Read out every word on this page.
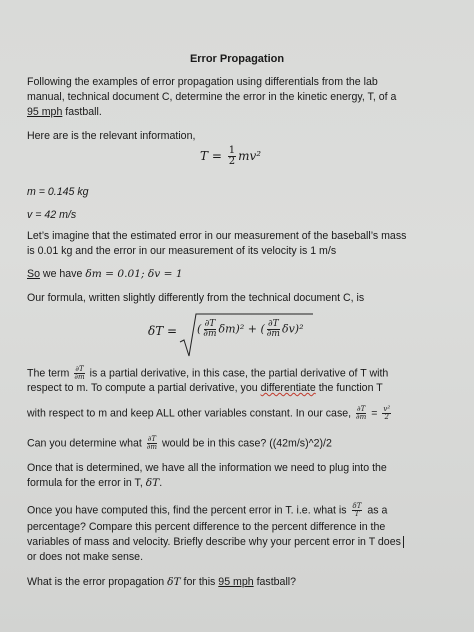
Error Propagation
Following the examples of error propagation using differentials from the lab
manual, technical document C, determine the error in the kinetic energy, T, of a
95 mph fastball.
Here are is the relevant information,
$T = \frac{1}{2} mv^2$
m = 0.145 kg
v = 42 m/s
Let’s imagine that the estimated error in our measurement of the baseball’s mass
is 0.01 kg and the error in our measurement of its velocity is 1 m/s
So we have δm = 0.01; δv = 1
Our formula, written slightly differently from the technical document C, is
δT = ( $\frac{\partial T}{\partial m} \delta m)^2$ + ( $\frac{\partial T}{\partial m} \delta v)^2$
The term $\frac{\partial T}{\partial m}$ is a partial derivative, in this case, the partial derivative of T with
respect to m. To compute a partial derivative, you differentiate the function T
with respect to m and keep ALL other variables constant. In our case, $\frac{\partial T}{\partial m} = \frac{\text{v²}}{2}$
Can you determine what $\frac{\partial T}{\partial m}$ would be in this case? ((42m/s)^2)/2
Once that is determined, we have all the information we need to plug into the
formula for the error in T, δT.
Once you have computed this, find the percent error in T. i.e. what is $\frac{\delta T}{T}$ as a
percentage? Compare this percent difference to the percent difference in the
variables of mass and velocity. Briefly describe why your percent error in T does
or does not make sense.
What is the error propagation δT for this 95 mph fastball?
